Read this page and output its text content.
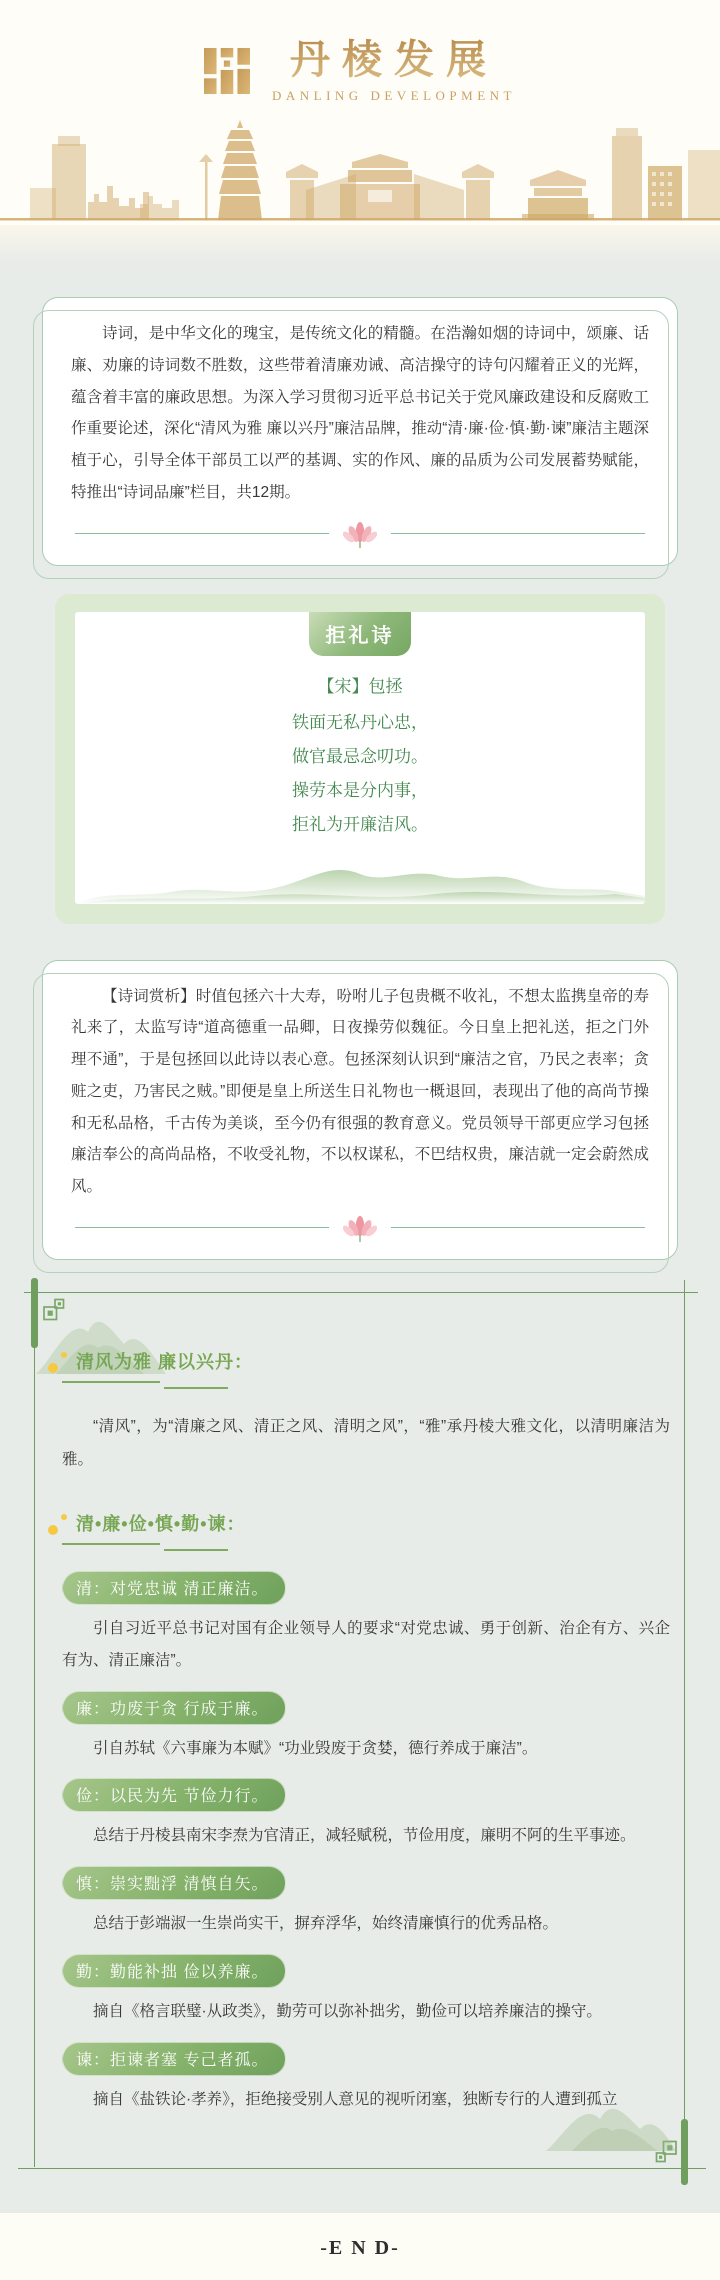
丹棱发展
DANLING DEVELOPMENT

诗词，是中华文化的瑰宝，是传统文化的精髓。在浩瀚如烟的诗词中，颂廉、话廉、劝廉的诗词数不胜数，这些带着清廉劝诫、高洁操守的诗句闪耀着正义的光辉，蕴含着丰富的廉政思想。为深入学习贯彻习近平总书记关于党风廉政建设和反腐败工作重要论述，深化“清风为雅 廉以兴丹”廉洁品牌，推动“清·廉·俭·慎·勤·谏”廉洁主题深植于心，引导全体干部员工以严的基调、实的作风、廉的品质为公司发展蓄势赋能，特推出“诗词品廉”栏目，共12期。

拒礼诗
【宋】包拯
铁面无私丹心忠，
做官最忌念叨功。
操劳本是分内事，
拒礼为开廉洁风。

【诗词赏析】时值包拯六十大寿，吩咐儿子包贵概不收礼，不想太监携皇帝的寿礼来了，太监写诗“道高德重一品卿，日夜操劳似魏征。今日皇上把礼送，拒之门外理不通”，于是包拯回以此诗以表心意。包拯深刻认识到“廉洁之官，乃民之表率；贪赃之吏，乃害民之贼。”即便是皇上所送生日礼物也一概退回，表现出了他的高尚节操和无私品格，千古传为美谈，至今仍有很强的教育意义。党员领导干部更应学习包拯廉洁奉公的高尚品格，不收受礼物，不以权谋私，不巴结权贵，廉洁就一定会蔚然成风。

清风为雅 廉以兴丹：

“清风”，为“清廉之风、清正之风、清明之风”，“雅”承丹棱大雅文化，以清明廉洁为雅。

清•廉•俭•慎•勤•谏：
清：对党忠诚 清正廉洁。

引自习近平总书记对国有企业领导人的要求“对党忠诚、勇于创新、治企有方、兴企有为、清正廉洁”。

廉：功废于贪 行成于廉。

引自苏轼《六事廉为本赋》“功业毁废于贪婪，德行养成于廉洁”。

俭：以民为先 节俭力行。

总结于丹棱县南宋李焘为官清正，减轻赋税，节俭用度，廉明不阿的生平事迹。

慎：崇实黜浮 清慎自矢。

总结于彭端淑一生崇尚实干，摒弃浮华，始终清廉慎行的优秀品格。

勤：勤能补拙 俭以养廉。

摘自《格言联璧·从政类》，勤劳可以弥补拙劣，勤俭可以培养廉洁的操守。

谏：拒谏者塞 专己者孤。

摘自《盐铁论·孝养》，拒绝接受别人意见的视听闭塞，独断专行的人遭到孤立

-E N D-
